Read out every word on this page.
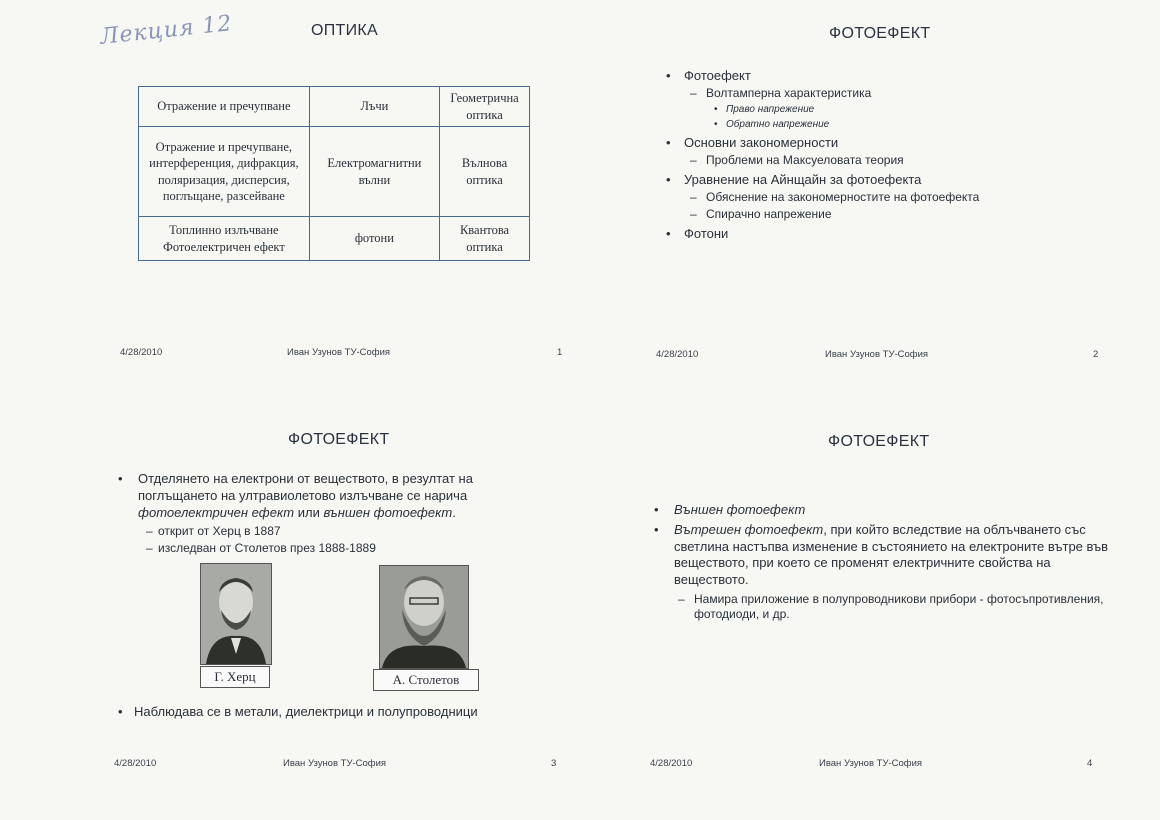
Лекция 12	ОПТИКА
Отражение и пречупване	Лъчи	Геометрична оптика
Отражение и пречупване, интерференция, дифракция, поляризация, дисперсия, поглъщане, разсейване	Електромагнитни вълни	Вълнова оптика
Топлинно излъчване Фотоелектричен ефект	фотони	Квантова оптика
4/28/2010	Иван Узунов ТУ-София	1
ФОТОЕФЕКТ
• Фотоефект
– Волтамперна характеристика
• Право напрежение
• Обратно напрежение
• Основни закономерности
– Проблеми на Максуеловата теория
• Уравнение на Айнщайн за фотоефекта
– Обяснение на закономерностите на фотоефекта
– Спирачно напрежение
• Фотони
4/28/2010	Иван Узунов ТУ-София	2
ФОТОЕФЕКТ
• Отделянето на електрони от веществото, в резултат на поглъщането на ултравиолетово излъчване се нарича фотоелектричен ефект или външен фотоефект.
– открит от Херц в 1887
– изследван от Столетов през 1888-1889
Г. Херц	А. Столетов
• Наблюдава се в метали, диелектрици и полупроводници
4/28/2010	Иван Узунов ТУ-София	3
ФОТОЕФЕКТ
• Външен фотоефект
• Вътрешен фотоефект, при който вследствие на облъчването със светлина настъпва изменение в състоянието на електроните вътре във веществото, при което се променят електричните свойства на веществото.
– Намира приложение в полупроводникови прибори - фотосъпротивления, фотодиоди, и др.
4/28/2010	Иван Узунов ТУ-София	4
